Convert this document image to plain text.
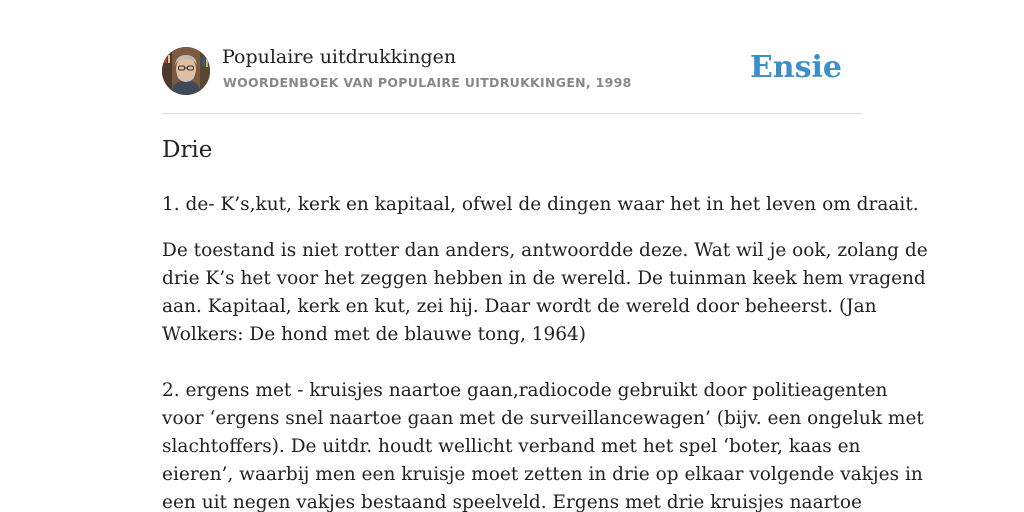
Populaire uitdrukkingen
WOORDENBOEK VAN POPULAIRE UITDRUKKINGEN, 1998	Ensie
Drie
1. de- K’s,kut, kerk en kapitaal, ofwel de dingen waar het in het leven om draait.

De toestand is niet rotter dan anders, antwoordde deze. Wat wil je ook, zolang de
drie K’s het voor het zeggen hebben in de wereld. De tuinman keek hem vragend
aan. Kapitaal, kerk en kut, zei hij. Daar wordt de wereld door beheerst. (Jan
Wolkers: De hond met de blauwe tong, 1964)

2. ergens met - kruisjes naartoe gaan,radiocode gebruikt door politieagenten
voor ‘ergens snel naartoe gaan met de surveillancewagen’ (bijv. een ongeluk met
slachtoffers). De uitdr. houdt wellicht verband met het spel ‘boter, kaas en
eieren’, waarbij men een kruisje moet zetten in drie op elkaar volgende vakjes in
een uit negen vakjes bestaand speelveld. Ergens met drie kruisjes naartoe
